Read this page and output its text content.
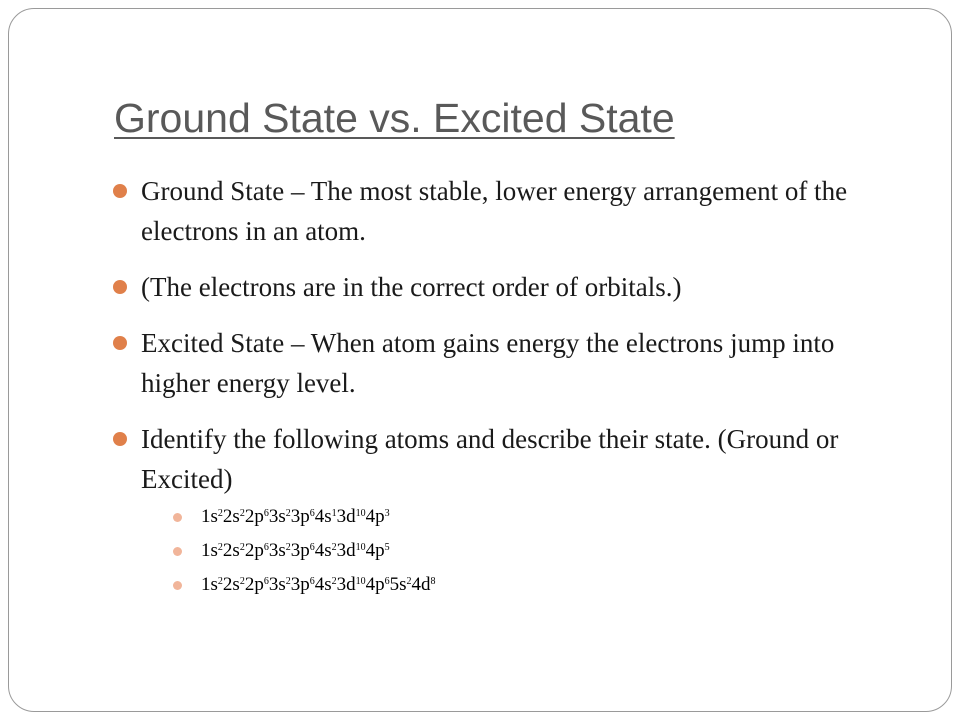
Ground State vs. Excited State
Ground State – The most stable, lower energy arrangement of the electrons in an atom.
(The electrons are in the correct order of orbitals.)
Excited State – When atom gains energy the electrons jump into higher energy level.
Identify the following atoms and describe their state. (Ground or Excited)
$1s^22s^22p^63s^23p^64s^13d^{10}4p^3$
$1s^22s^22p^63s^23p^64s^23d^{10}4p^5$
$1s^22s^22p^63s^23p^64s^23d^{10}4p^65s^24d^8$
